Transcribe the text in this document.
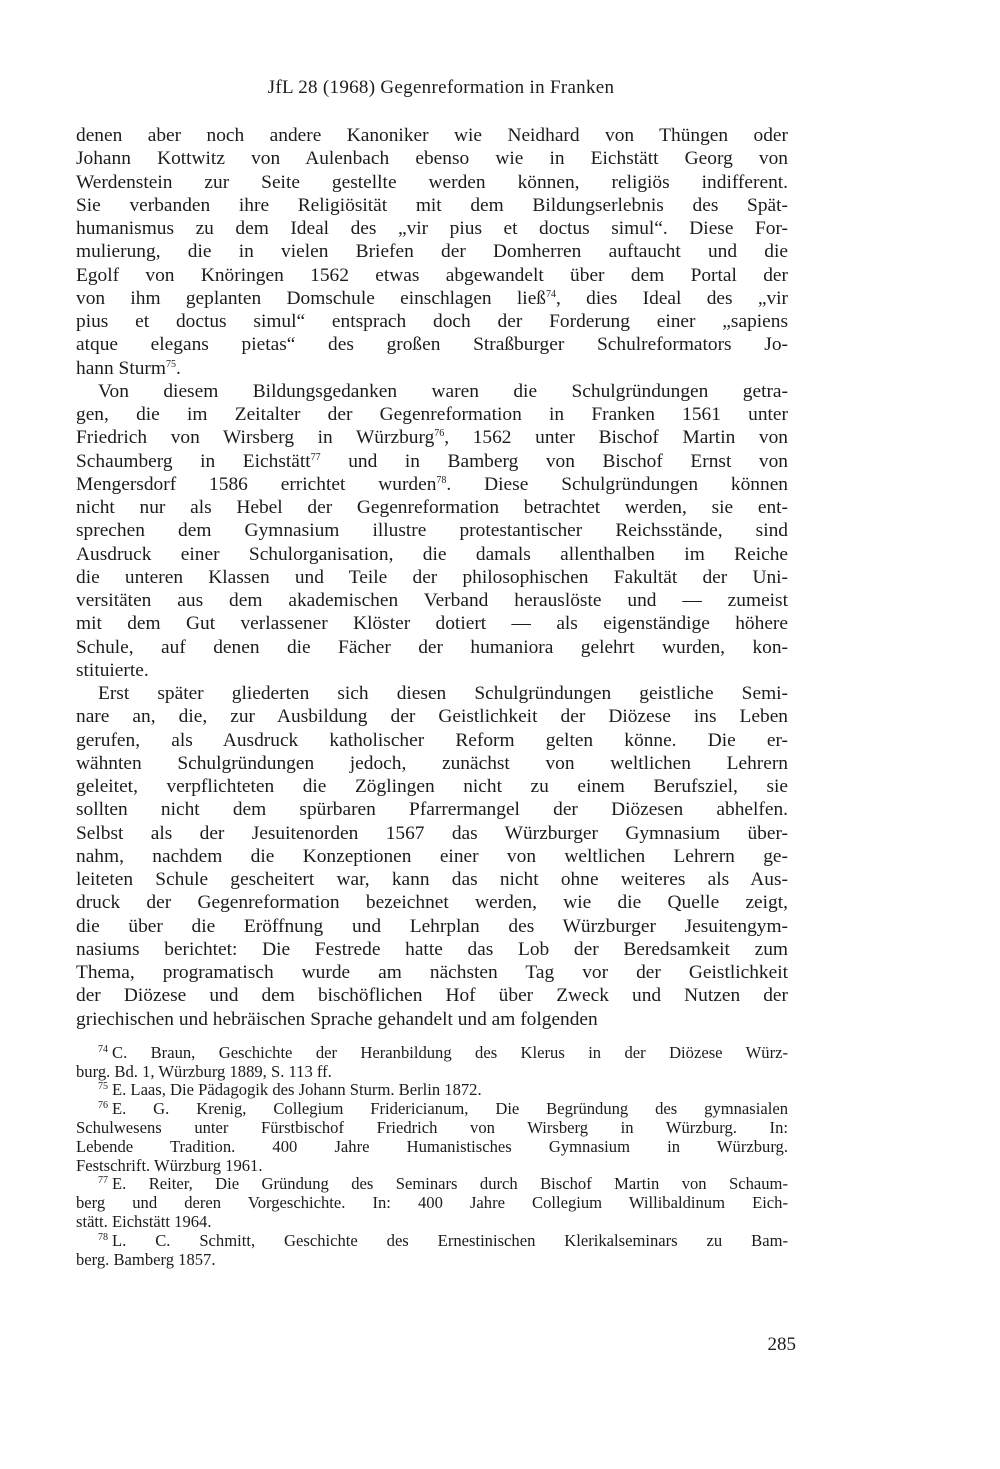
JfL 28 (1968) Gegenreformation in Franken
denen aber noch andere Kanoniker wie Neidhard von Thüngen oder
Johann Kottwitz von Aulenbach ebenso wie in Eichstätt Georg von
Werdenstein zur Seite gestellte werden können, religiös indifferent.
Sie verbanden ihre Religiösität mit dem Bildungserlebnis des Spät-
humanismus zu dem Ideal des „vir pius et doctus simul“. Diese For-
mulierung, die in vielen Briefen der Domherren auftaucht und die
Egolf von Knöringen 1562 etwas abgewandelt über dem Portal der
von ihm geplanten Domschule einschlagen ließ$^{74}$, dies Ideal des „vir
pius et doctus simul“ entsprach doch der Forderung einer „sapiens
atque elegans pietas“ des großen Straßburger Schulreformators Jo-
hann Sturm$^{75}$.
Von diesem Bildungsgedanken waren die Schulgründungen getra-
gen, die im Zeitalter der Gegenreformation in Franken 1561 unter
Friedrich von Wirsberg in Würzburg$^{76}$, 1562 unter Bischof Martin von
Schaumberg in Eichstätt$^{77}$ und in Bamberg von Bischof Ernst von
Mengersdorf 1586 errichtet wurden$^{78}$. Diese Schulgründungen können
nicht nur als Hebel der Gegenreformation betrachtet werden, sie ent-
sprechen dem Gymnasium illustre protestantischer Reichsstände, sind
Ausdruck einer Schulorganisation, die damals allenthalben im Reiche
die unteren Klassen und Teile der philosophischen Fakultät der Uni-
versitäten aus dem akademischen Verband herauslöste und — zumeist
mit dem Gut verlassener Klöster dotiert — als eigenständige höhere
Schule, auf denen die Fächer der humaniora gelehrt wurden, kon-
stituierte.
Erst später gliederten sich diesen Schulgründungen geistliche Semi-
nare an, die, zur Ausbildung der Geistlichkeit der Diözese ins Leben
gerufen, als Ausdruck katholischer Reform gelten könne. Die er-
wähnten Schulgründungen jedoch, zunächst von weltlichen Lehrern
geleitet, verpflichteten die Zöglingen nicht zu einem Berufsziel, sie
sollten nicht dem spürbaren Pfarrermangel der Diözesen abhelfen.
Selbst als der Jesuitenorden 1567 das Würzburger Gymnasium über-
nahm, nachdem die Konzeptionen einer von weltlichen Lehrern ge-
leiteten Schule gescheitert war, kann das nicht ohne weiteres als Aus-
druck der Gegenreformation bezeichnet werden, wie die Quelle zeigt,
die über die Eröffnung und Lehrplan des Würzburger Jesuitengym-
nasiums berichtet: Die Festrede hatte das Lob der Beredsamkeit zum
Thema, programatisch wurde am nächsten Tag vor der Geistlichkeit
der Diözese und dem bischöflichen Hof über Zweck und Nutzen der
griechischen und hebräischen Sprache gehandelt und am folgenden
$^{74}$ C. Braun, Geschichte der Heranbildung des Klerus in der Diözese Würz-
burg. Bd. 1, Würzburg 1889, S. 113 ff.
$^{75}$ E. Laas, Die Pädagogik des Johann Sturm. Berlin 1872.
$^{76}$ E. G. Krenig, Collegium Fridericianum, Die Begründung des gymnasialen
Schulwesens unter Fürstbischof Friedrich von Wirsberg in Würzburg. In:
Lebende Tradition. 400 Jahre Humanistisches Gymnasium in Würzburg.
Festschrift. Würzburg 1961.
$^{77}$ E. Reiter, Die Gründung des Seminars durch Bischof Martin von Schaum-
berg und deren Vorgeschichte. In: 400 Jahre Collegium Willibaldinum Eich-
stätt. Eichstätt 1964.
$^{78}$ L. C. Schmitt, Geschichte des Ernestinischen Klerikalseminars zu Bam-
berg. Bamberg 1857.
285
